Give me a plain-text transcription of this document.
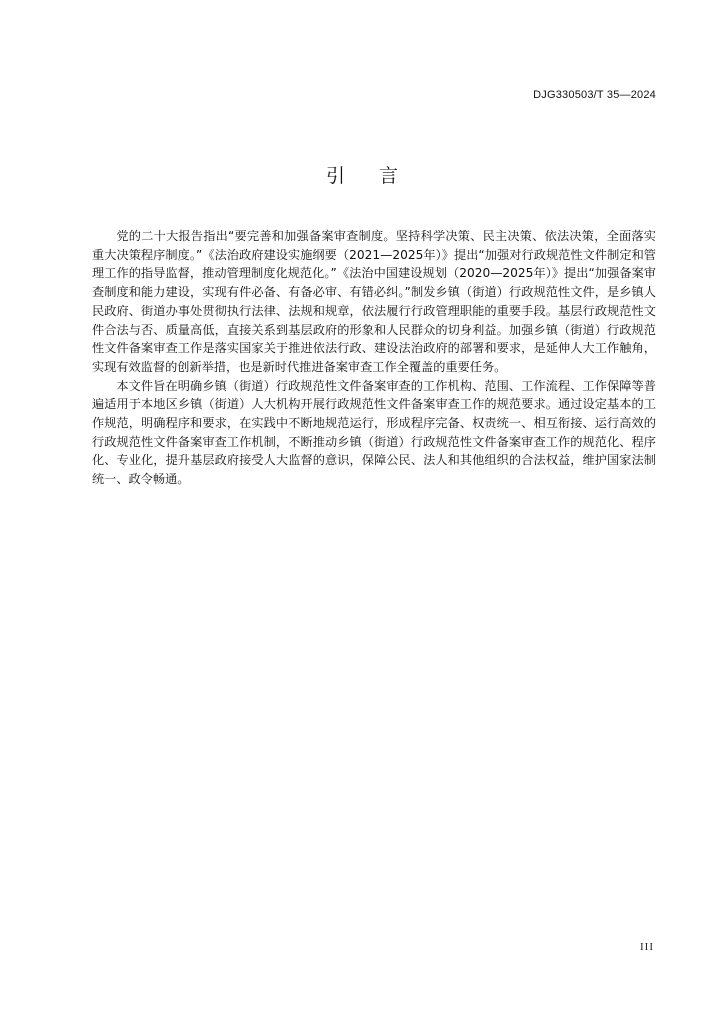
DJG330503/T 35—2024
引言

党的二十大报告指出“要完善和加强备案审查制度。坚持科学决策、民主决策、依法决策，全面落实重大决策程序制度。”《法治政府建设实施纲要（2021—2025年）》提出“加强对行政规范性文件制定和管理工作的指导监督，推动管理制度化规范化。”《法治中国建设规划（2020—2025年）》提出“加强备案审查制度和能力建设，实现有件必备、有备必审、有错必纠。”制发乡镇（街道）行政规范性文件，是乡镇人民政府、街道办事处贯彻执行法律、法规和规章，依法履行行政管理职能的重要手段。基层行政规范性文件合法与否、质量高低，直接关系到基层政府的形象和人民群众的切身利益。加强乡镇（街道）行政规范性文件备案审查工作是落实国家关于推进依法行政、建设法治政府的部署和要求，是延伸人大工作触角，实现有效监督的创新举措，也是新时代推进备案审查工作全覆盖的重要任务。

本文件旨在明确乡镇（街道）行政规范性文件备案审查的工作机构、范围、工作流程、工作保障等普遍适用于本地区乡镇（街道）人大机构开展行政规范性文件备案审查工作的规范要求。通过设定基本的工作规范，明确程序和要求，在实践中不断地规范运行，形成程序完备、权责统一、相互衔接、运行高效的行政规范性文件备案审查工作机制，不断推动乡镇（街道）行政规范性文件备案审查工作的规范化、程序化、专业化，提升基层政府接受人大监督的意识，保障公民、法人和其他组织的合法权益，维护国家法制统一、政令畅通。

III
